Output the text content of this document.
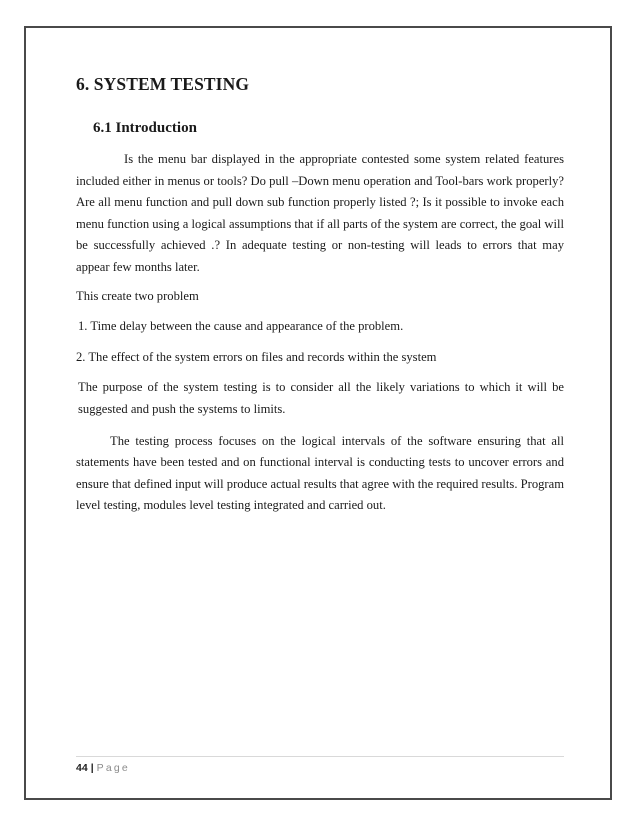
6. SYSTEM TESTING
6.1 Introduction

Is the menu bar displayed in the appropriate contested some system related features included either in menus or tools? Do pull –Down menu operation and Tool-bars work properly? Are all menu function and pull down sub function properly listed ?; Is it possible to invoke each menu function using a logical assumptions that if all parts of the system are correct, the goal will be successfully achieved .? In adequate testing or non-testing will leads to errors that may appear few months later.

This create two problem

1. Time delay between the cause and appearance of the problem.

2. The effect of the system errors on files and records within the system

The purpose of the system testing is to consider all the likely variations to which it will be suggested and push the systems to limits.

The testing process focuses on the logical intervals of the software ensuring that all statements have been tested and on functional interval is conducting tests to uncover errors and ensure that defined input will produce actual results that agree with the required results. Program level testing, modules level testing integrated and carried out.

44 | Page
